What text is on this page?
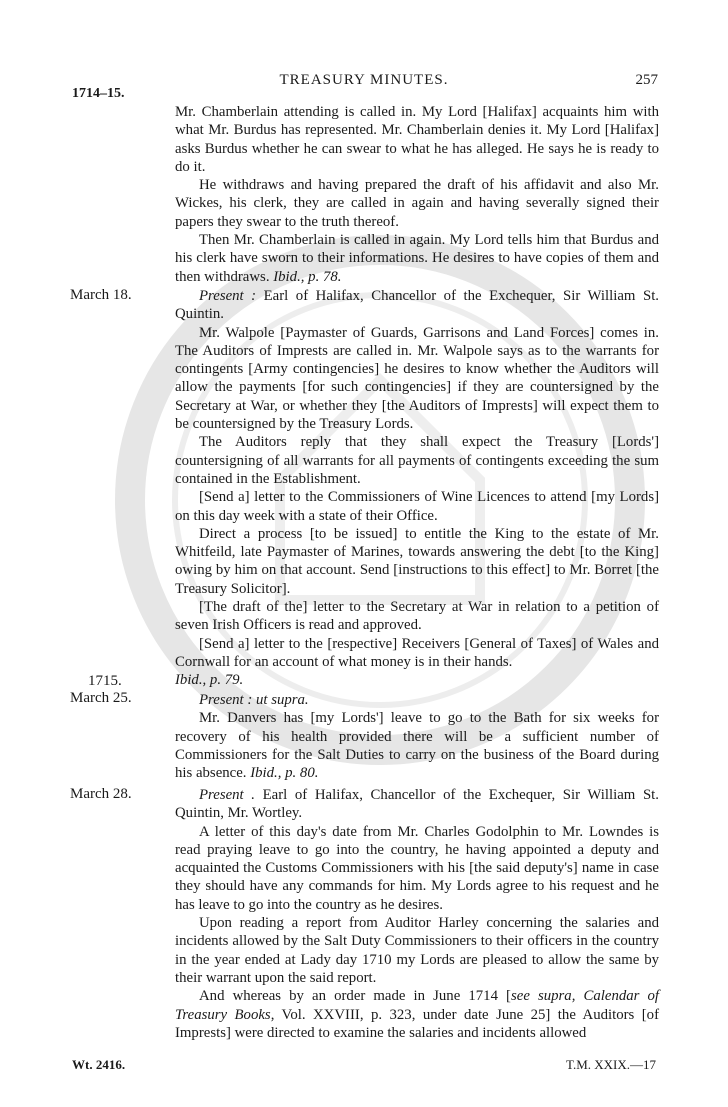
1714–15.
TREASURY MINUTES.	257

Mr. Chamberlain attending is called in. My Lord [Halifax] acquaints him with what Mr. Burdus has represented. Mr. Chamberlain denies it. My Lord [Halifax] asks Burdus whether he can swear to what he has alleged. He says he is ready to do it.

He withdraws and having prepared the draft of his affidavit and also Mr. Wickes, his clerk, they are called in again and having severally signed their papers they swear to the truth thereof.

Then Mr. Chamberlain is called in again. My Lord tells him that Burdus and his clerk have sworn to their informations. He desires to have copies of them and then withdraws. Ibid., p. 78.

March 18.	Present : Earl of Halifax, Chancellor of the Exchequer, Sir William St. Quintin.

Mr. Walpole [Paymaster of Guards, Garrisons and Land Forces] comes in. The Auditors of Imprests are called in. Mr. Walpole says as to the warrants for contingents [Army contingencies] he desires to know whether the Auditors will allow the payments [for such contingencies] if they are countersigned by the Secretary at War, or whether they [the Auditors of Imprests] will expect them to be countersigned by the Treasury Lords.

The Auditors reply that they shall expect the Treasury [Lords'] countersigning of all warrants for all payments of contingents exceeding the sum contained in the Establishment.

[Send a] letter to the Commissioners of Wine Licences to attend [my Lords] on this day week with a state of their Office.

Direct a process [to be issued] to entitle the King to the estate of Mr. Whitfeild, late Paymaster of Marines, towards answering the debt [to the King] owing by him on that account. Send [instructions to this effect] to Mr. Borret [the Treasury Solicitor].

[The draft of the] letter to the Secretary at War in relation to a petition of seven Irish Officers is read and approved.

[Send a] letter to the [respective] Receivers [General of Taxes] of Wales and Cornwall for an account of what money is in their hands.

Ibid., p. 79.

1715.
March 25.	Present : ut supra.

Mr. Danvers has [my Lords'] leave to go to the Bath for six weeks for recovery of his health provided there will be a sufficient number of Commissioners for the Salt Duties to carry on the business of the Board during his absence. Ibid., p. 80.

March 28.	Present . Earl of Halifax, Chancellor of the Exchequer, Sir William St. Quintin, Mr. Wortley.

A letter of this day's date from Mr. Charles Godolphin to Mr. Lowndes is read praying leave to go into the country, he having appointed a deputy and acquainted the Customs Commissioners with his [the said deputy's] name in case they should have any commands for him. My Lords agree to his request and he has leave to go into the country as he desires.

Upon reading a report from Auditor Harley concerning the salaries and incidents allowed by the Salt Duty Commissioners to their officers in the country in the year ended at Lady day 1710 my Lords are pleased to allow the same by their warrant upon the said report.

And whereas by an order made in June 1714 [see supra, Calendar of Treasury Books, Vol. XXVIII, p. 323, under date June 25] the Auditors [of Imprests] were directed to examine the salaries and incidents allowed

Wt. 2416.	T.M. XXIX.—17
